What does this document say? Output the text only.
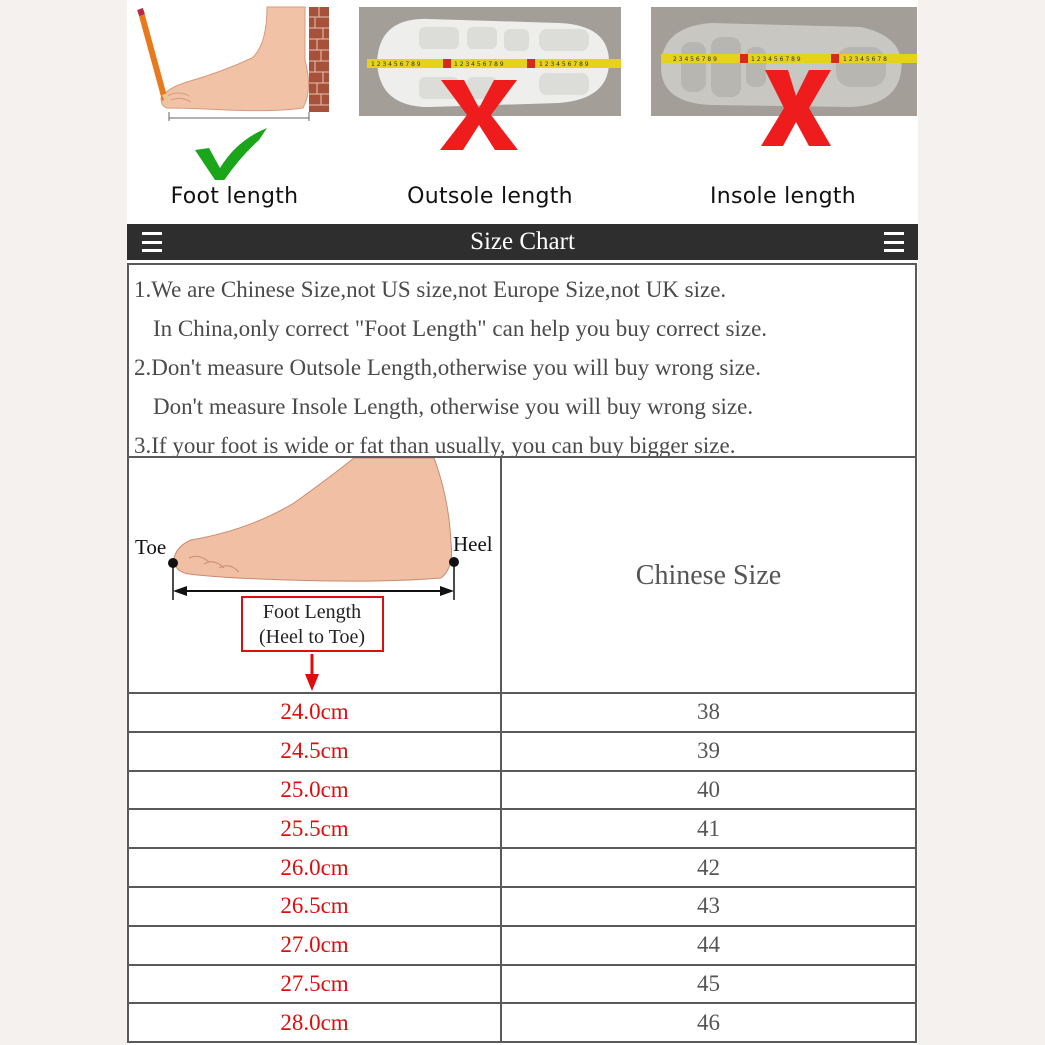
Foot length
1 2 3 4 5 6 7 8 9	1 2 3 4 5 6 7 8 9	1 2 3 4 5 6 7 8 9
Outsole length
2 3 4 5 6 7 8 9	1 2 3 4 5 6 7 8 9	1 2 3 4 5 6 7 8
Insole length
Size Chart
1.We are Chinese Size,not US size,not Europe Size,not UK size.
In China,only correct "Foot Length" can help you buy correct size.
2.Don't measure Outsole Length,otherwise you will buy wrong size.
Don't measure Insole Length, otherwise you will buy wrong size.
3.If your foot is wide or fat than usually, you can buy bigger size.
Toe	Heel
Foot Length
(Heel to Toe)
Chinese Size
24.0cm	38
24.5cm	39
25.0cm	40
25.5cm	41
26.0cm	42
26.5cm	43
27.0cm	44
27.5cm	45
28.0cm	46
